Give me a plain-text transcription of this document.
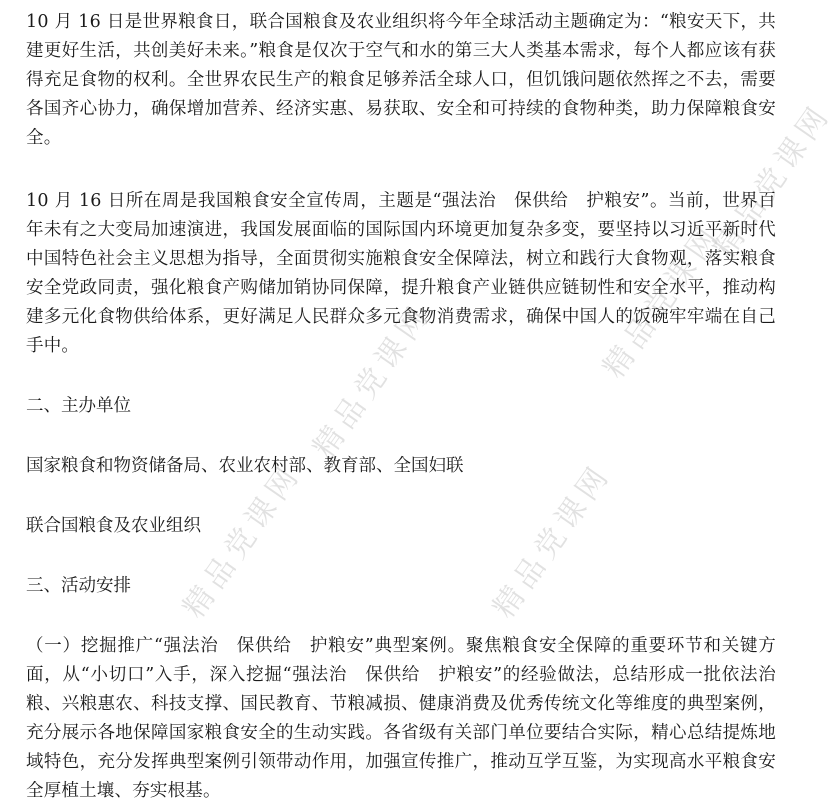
精品党课网	精品党课网
精品党课网	精品党课网
精品党课网

10 月 16 日是世界粮食日，联合国粮食及农业组织将今年全球活动主题确定为：“粮安天下，共建更好生活，共创美好未来。”粮食是仅次于空气和水的第三大人类基本需求，每个人都应该有获得充足食物的权利。全世界农民生产的粮食足够养活全球人口，但饥饿问题依然挥之不去，需要各国齐心协力，确保增加营养、经济实惠、易获取、安全和可持续的食物种类，助力保障粮食安全。

10 月 16 日所在周是我国粮食安全宣传周，主题是“强法治　保供给　护粮安”。当前，世界百年未有之大变局加速演进，我国发展面临的国际国内环境更加复杂多变，要坚持以习近平新时代中国特色社会主义思想为指导，全面贯彻实施粮食安全保障法，树立和践行大食物观，落实粮食安全党政同责，强化粮食产购储加销协同保障，提升粮食产业链供应链韧性和安全水平，推动构建多元化食物供给体系，更好满足人民群众多元食物消费需求，确保中国人的饭碗牢牢端在自己手中。

二、主办单位

国家粮食和物资储备局、农业农村部、教育部、全国妇联

联合国粮食及农业组织

三、活动安排

（一）挖掘推广“强法治　保供给　护粮安”典型案例。聚焦粮食安全保障的重要环节和关键方面，从“小切口”入手，深入挖掘“强法治　保供给　护粮安”的经验做法，总结形成一批依法治粮、兴粮惠农、科技支撑、国民教育、节粮减损、健康消费及优秀传统文化等维度的典型案例，充分展示各地保障国家粮食安全的生动实践。各省级有关部门单位要结合实际，精心总结提炼地域特色，充分发挥典型案例引领带动作用，加强宣传推广，推动互学互鉴，为实现高水平粮食安全厚植土壤、夯实根基。
